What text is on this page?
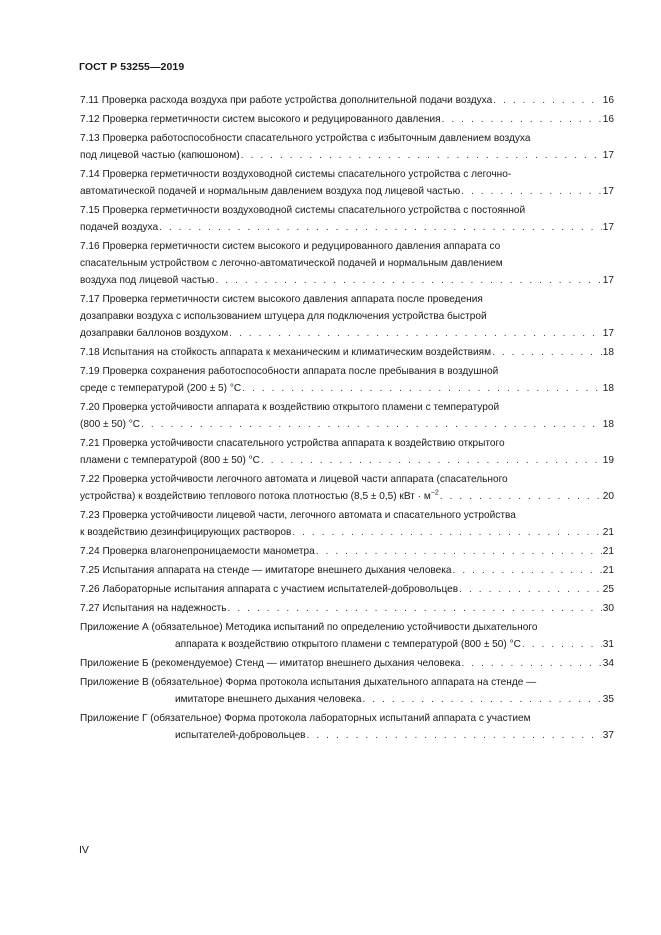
ГОСТ Р 53255—2019
7.11 Проверка расхода воздуха при работе устройства дополнительной подачи воздуха . . .	16
7.12 Проверка герметичности систем высокого и редуцированного давления . . .	16
7.13 Проверка работоспособности спасательного устройства с избыточным давлением воздуха
под лицевой частью (капюшоном) . . .	17
7.14 Проверка герметичности воздуховодной системы спасательного устройства с легочно-
автоматической подачей и нормальным давлением воздуха под лицевой частью . . .	17
7.15 Проверка герметичности воздуховодной системы спасательного устройства с постоянной
подачей воздуха . . .	17
7.16 Проверка герметичности систем высокого и редуцированного давления аппарата со
спасательным устройством с легочно-автоматической подачей и нормальным давлением
воздуха под лицевой частью . . .	17
7.17 Проверка герметичности систем высокого давления аппарата после проведения
дозаправки воздуха с использованием штуцера для подключения устройства быстрой
дозаправки баллонов воздухом . . .	17
7.18 Испытания на стойкость аппарата к механическим и климатическим воздействиям . . .	18
7.19 Проверка сохранения работоспособности аппарата после пребывания в воздушной
среде с температурой (200 ± 5) °С . . .	18
7.20 Проверка устойчивости аппарата к воздействию открытого пламени с температурой
(800 ± 50) °С . . .	18
7.21 Проверка устойчивости спасательного устройства аппарата к воздействию открытого
пламени с температурой (800 ± 50) °С . . .	19
7.22 Проверка устойчивости легочного автомата и лицевой части аппарата (спасательного
устройства) к воздействию теплового потока плотностью (8,5 ± 0,5) кВт · $м^{-2}$ . . .	20
7.23 Проверка устойчивости лицевой части, легочного автомата и спасательного устройства
к воздействию дезинфицирующих растворов . . .	21
7.24 Проверка влагонепроницаемости манометра . . .	21
7.25 Испытания аппарата на стенде — имитаторе внешнего дыхания человека . . .	21
7.26 Лабораторные испытания аппарата с участием испытателей-добровольцев . . .	25
7.27 Испытания на надежность . . .	30
Приложение А (обязательное) Методика испытаний по определению устойчивости дыхательного
аппарата к воздействию открытого пламени с температурой (800 ± 50) °С . . .	31
Приложение Б (рекомендуемое) Стенд — имитатор внешнего дыхания человека . . .	34
Приложение В (обязательное) Форма протокола испытания дыхательного аппарата на стенде —
имитаторе внешнего дыхания человека . . .	35
Приложение Г (обязательное) Форма протокола лабораторных испытаний аппарата с участием
испытателей-добровольцев . . .	37
IV
